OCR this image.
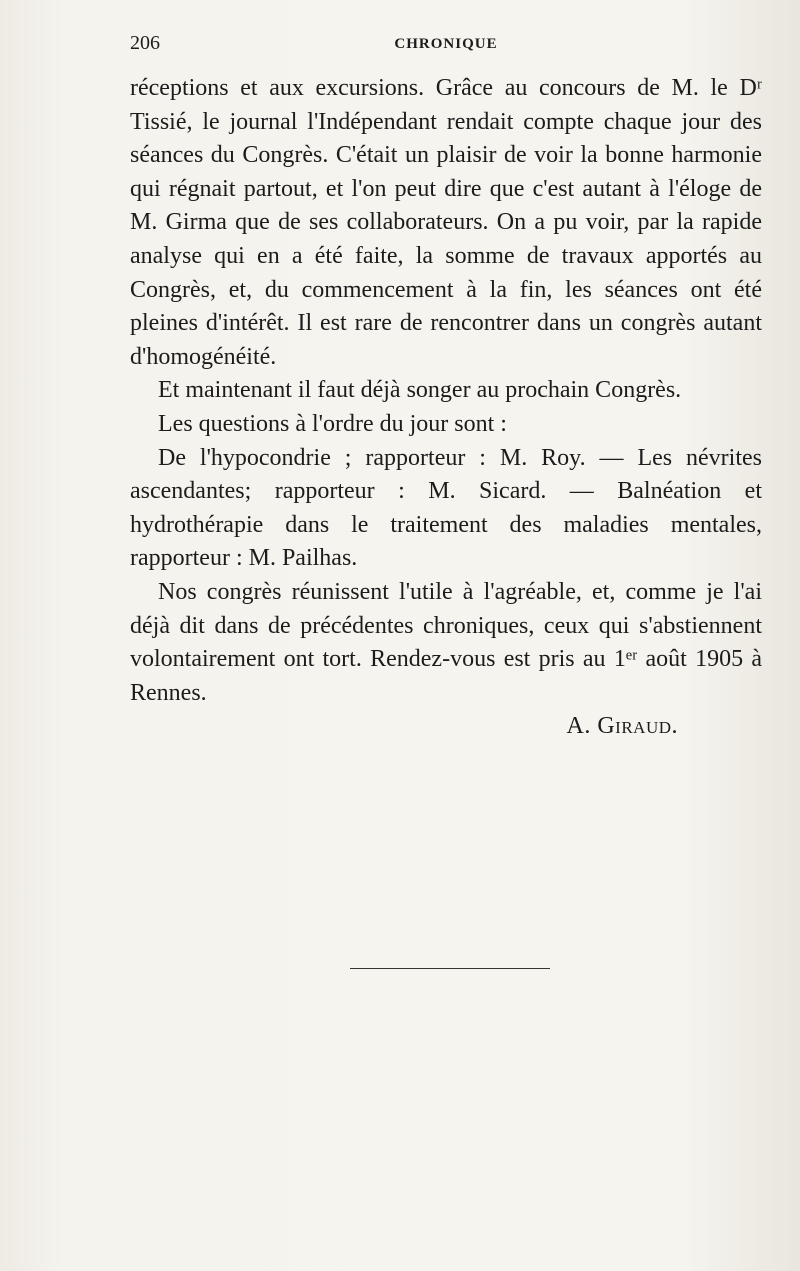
206	CHRONIQUE

réceptions et aux excursions. Grâce au concours de M. le Dʳ Tissié, le journal l'Indépendant rendait compte chaque jour des séances du Congrès. C'était un plaisir de voir la bonne harmonie qui régnait partout, et l'on peut dire que c'est autant à l'éloge de M. Girma que de ses collaborateurs. On a pu voir, par la rapide analyse qui en a été faite, la somme de travaux apportés au Congrès, et, du commencement à la fin, les séances ont été pleines d'intérêt. Il est rare de rencontrer dans un congrès autant d'homogénéité.

Et maintenant il faut déjà songer au prochain Congrès.

Les questions à l'ordre du jour sont :

De l'hypocondrie ; rapporteur : M. Roy. — Les névrites ascendantes; rapporteur : M. Sicard. — Balnéation et hydrothérapie dans le traitement des maladies mentales, rapporteur : M. Pailhas.

Nos congrès réunissent l'utile à l'agréable, et, comme je l'ai déjà dit dans de précédentes chroniques, ceux qui s'abstiennent volontairement ont tort. Rendez-vous est pris au 1ᵉʳ août 1905 à Rennes.

A. Giraud.
